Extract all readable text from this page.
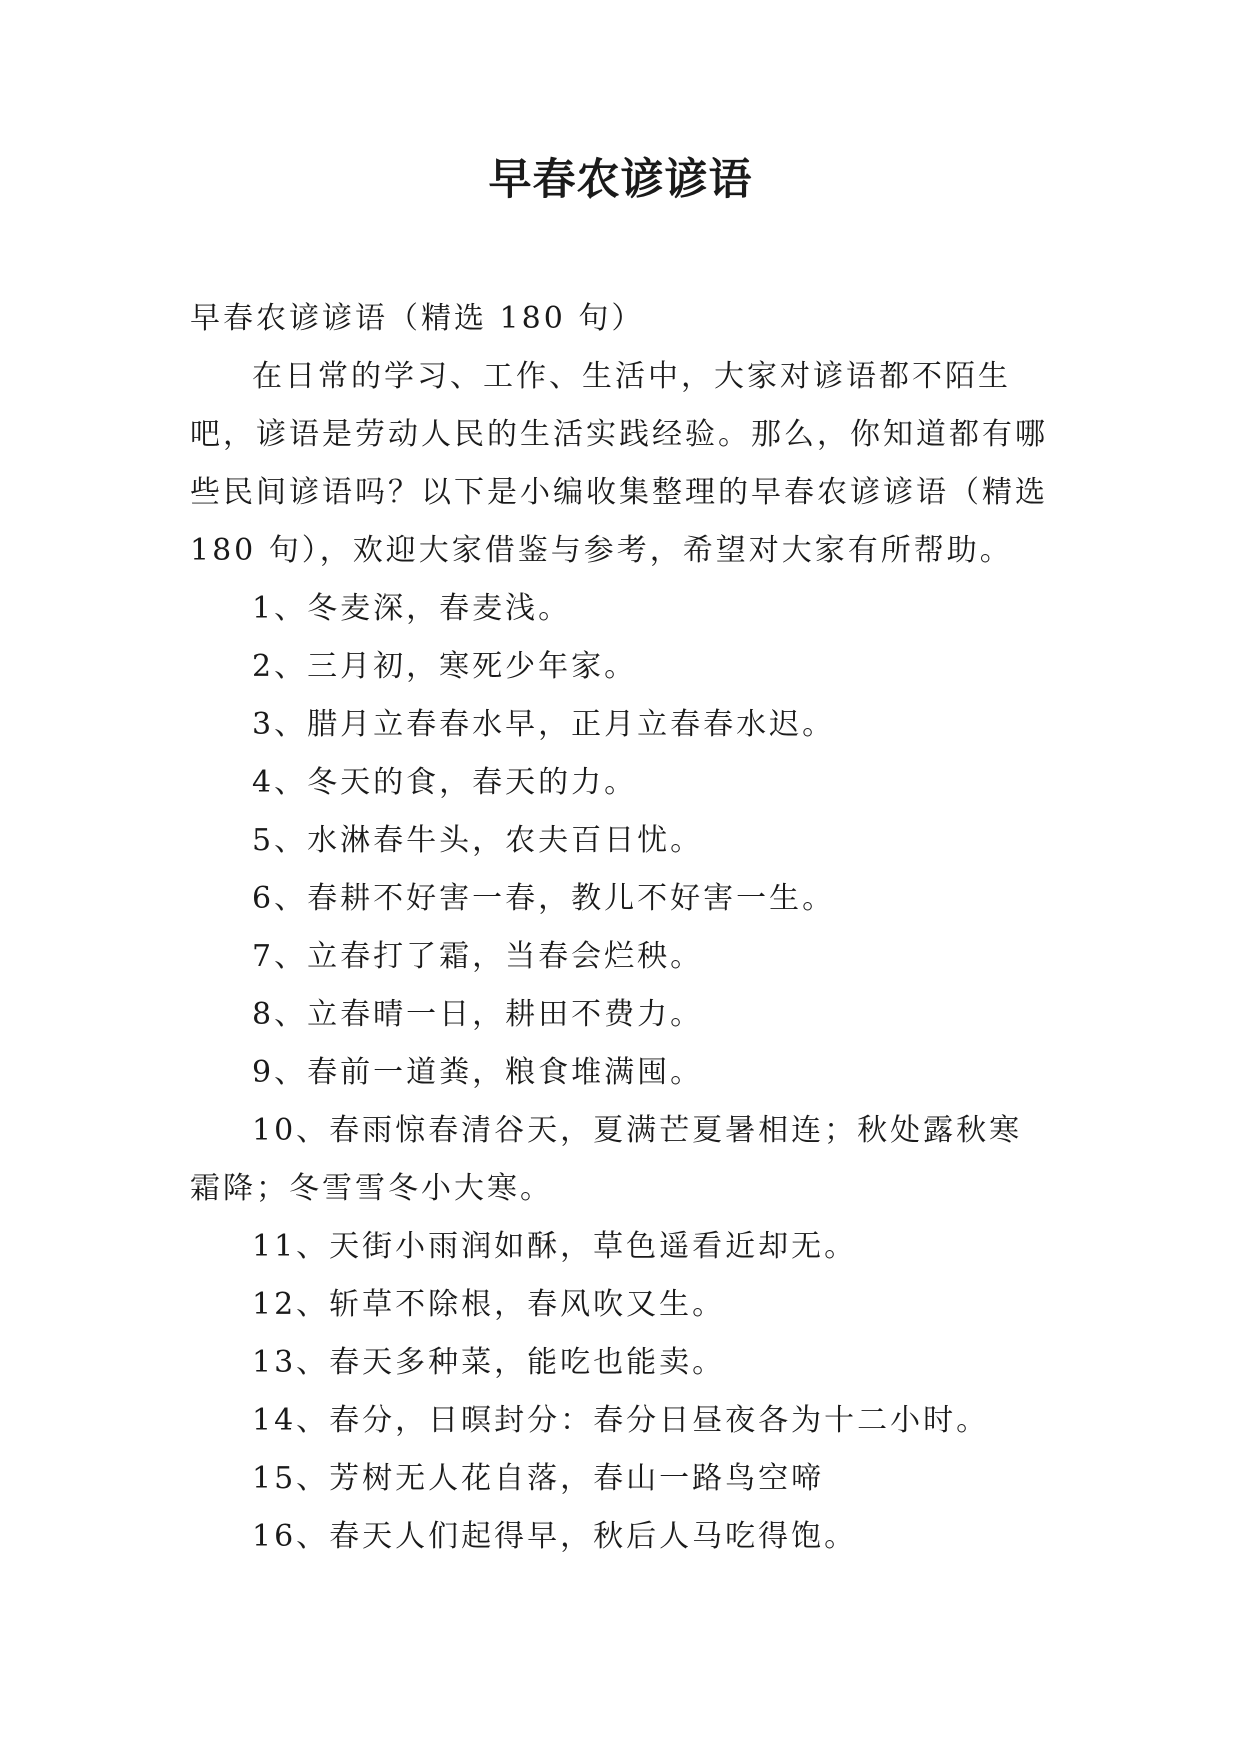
早春农谚谚语

早春农谚谚语（精选 180 句）

在日常的学习、工作、生活中，大家对谚语都不陌生吧，谚语是劳动人民的生活实践经验。那么，你知道都有哪些民间谚语吗？以下是小编收集整理的早春农谚谚语（精选 180 句），欢迎大家借鉴与参考，希望对大家有所帮助。

1、冬麦深，春麦浅。

2、三月初，寒死少年家。

3、腊月立春春水早，正月立春春水迟。

4、冬天的食，春天的力。

5、水淋春牛头，农夫百日忧。

6、春耕不好害一春，教儿不好害一生。

7、立春打了霜，当春会烂秧。

8、立春晴一日，耕田不费力。

9、春前一道粪，粮食堆满囤。

10、春雨惊春清谷天，夏满芒夏暑相连；秋处露秋寒霜降；冬雪雪冬小大寒。

11、天街小雨润如酥，草色遥看近却无。

12、斩草不除根，春风吹又生。

13、春天多种菜，能吃也能卖。

14、春分，日暝封分：春分日昼夜各为十二小时。

15、芳树无人花自落，春山一路鸟空啼

16、春天人们起得早，秋后人马吃得饱。
